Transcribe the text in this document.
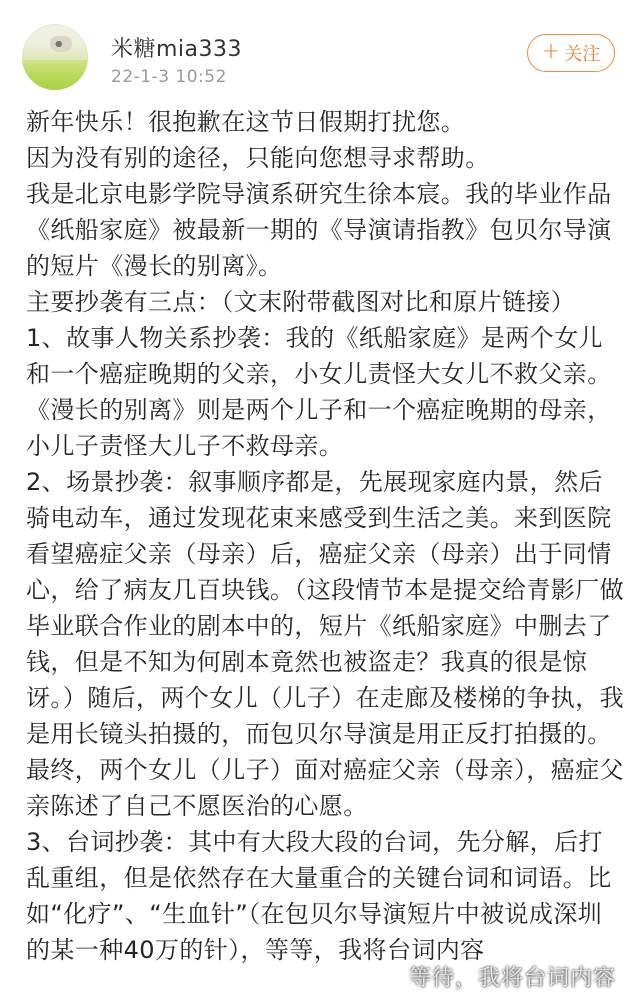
米糖mia333
22-1-3 10:52
+ 关注

新年快乐！很抱歉在这节日假期打扰您。

因为没有别的途径，只能向您想寻求帮助。

我是北京电影学院导演系研究生徐本宸。我的毕业作品《纸船家庭》被最新一期的《导演请指教》包贝尔导演的短片《漫长的别离》。

主要抄袭有三点：（文末附带截图对比和原片链接）

1、故事人物关系抄袭：我的《纸船家庭》是两个女儿和一个癌症晚期的父亲，小女儿责怪大女儿不救父亲。《漫长的别离》则是两个儿子和一个癌症晚期的母亲，小儿子责怪大儿子不救母亲。

2、场景抄袭：叙事顺序都是，先展现家庭内景，然后骑电动车，通过发现花束来感受到生活之美。来到医院看望癌症父亲（母亲）后，癌症父亲（母亲）出于同情心，给了病友几百块钱。（这段情节本是提交给青影厂做毕业联合作业的剧本中的，短片《纸船家庭》中删去了钱，但是不知为何剧本竟然也被盗走？我真的很是惊讶。）随后，两个女儿（儿子）在走廊及楼梯的争执，我是用长镜头拍摄的，而包贝尔导演是用正反打拍摄的。最终，两个女儿（儿子）面对癌症父亲（母亲），癌症父亲陈述了自己不愿医治的心愿。

3、台词抄袭：其中有大段大段的台词，先分解，后打乱重组，但是依然存在大量重合的关键台词和词语。比如“化疗”、“生血针”（在包贝尔导演短片中被说成深圳的某一种40万的针），等等，我将台词内容

等待，我将台词内容
